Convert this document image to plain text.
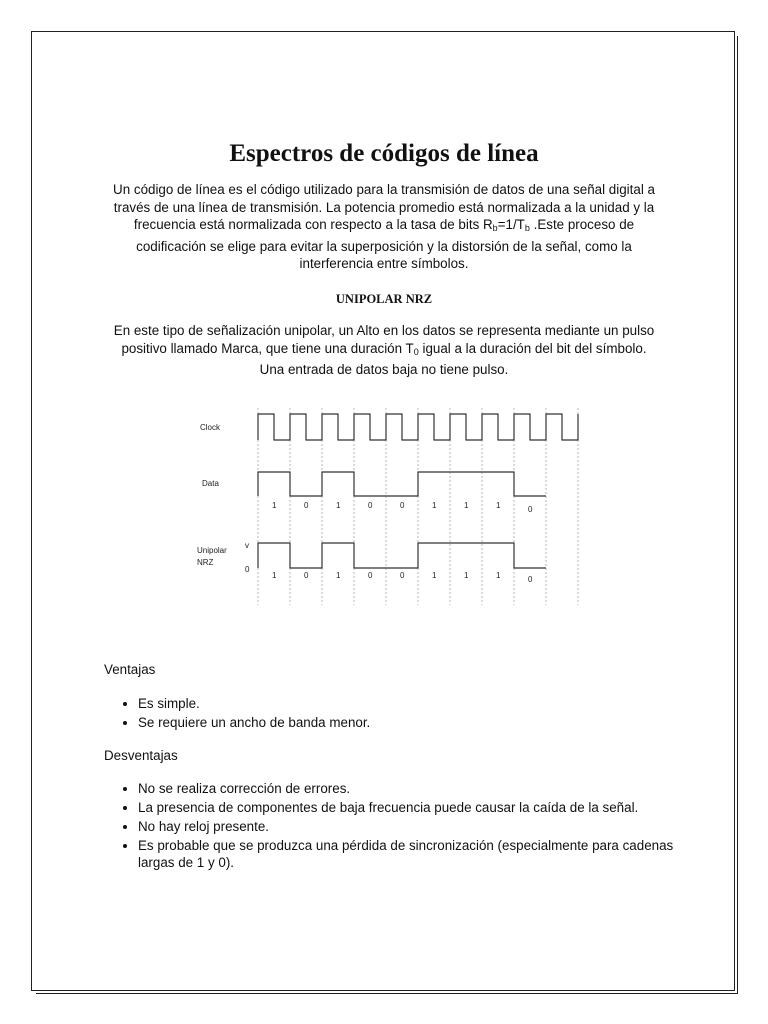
Espectros de códigos de línea
Un código de línea es el código utilizado para la transmisión de datos de una señal digital a través de una línea de transmisión. La potencia promedio está normalizada a la unidad y la frecuencia está normalizada con respecto a la tasa de bits $R_b=1/T_b$ .Este proceso de codificación se elige para evitar la superposición y la distorsión de la señal, como la interferencia entre símbolos.
UNIPOLAR NRZ
En este tipo de señalización unipolar, un Alto en los datos se representa mediante un pulso positivo llamado Marca, que tiene una duración $T_0$ igual a la duración del bit del símbolo. Una entrada de datos baja no tiene pulso.
Clock
Data
Unipolar
NRZ
v
0
1	0	1	0	0	1	1	1	0
1	0	1	0	0	1	1	1	0
Ventajas
• Es simple.
• Se requiere un ancho de banda menor.
Desventajas
• No se realiza corrección de errores.
• La presencia de componentes de baja frecuencia puede causar la caída de la señal.
• No hay reloj presente.
• Es probable que se produzca una pérdida de sincronización (especialmente para cadenas largas de 1 y 0).
